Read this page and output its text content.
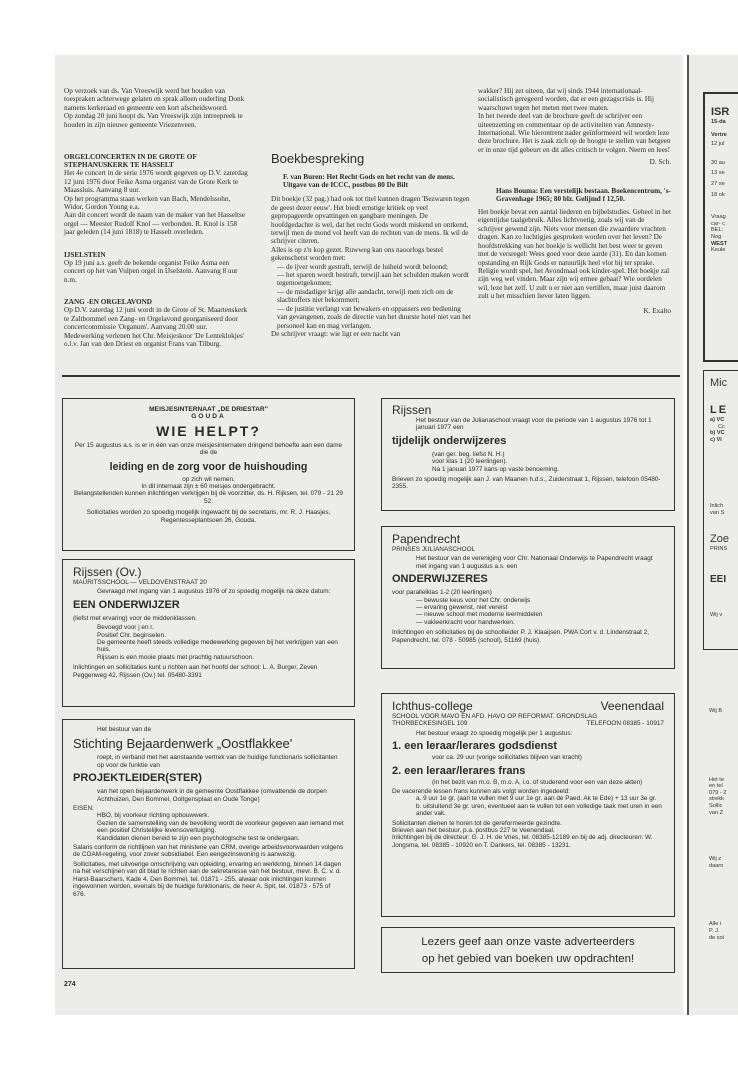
Op verzoek van ds. Van Vreeswijk werd het houden van toespraken achterwege gelaten en sprak alleen ouderling Donk namens kerkeraad en gemeente een kort afscheidswoord.

Op zondag 20 juni hoopt ds. Van Vreeswijk zijn intreepreek te houden in zijn nieuwe gemeente Vriezenveen.

ORGELCONCERTEN IN DE GROTE OF STEPHANUSKERK TE HASSELT

Het 4e concert in de serie 1976 wordt gegeven op D.V. zaterdag 12 juni 1976 door Feike Asma organist van de Grote Kerk te Maassluis. Aanvang 8 uur.

Op het programma staan werken van Bach, Mendelssohn, Widor, Gordon Young e.a.

Aan dit concert wordt de naam van de maker van het Hasseltse orgel — Meester Rudolf Knol — verbonden. R. Knol is 158 jaar geleden (14 juni 1818) te Hasselt overleden.

IJSELSTEIN

Op 19 juni a.s. geeft de bekende organist Feike Asma een concert op het van Vulpen orgel in IJselstein. Aanvang 8 uur n.m.

ZANG -EN ORGELAVOND

Op D.V. zaterdag 12 juni wordt in de Grote of St. Maartenskerk te Zaltbommel een Zang- en Orgelavond georganiseerd door concertcommissie 'Organum'. Aanvang 20.00 uur.

Medewerking verlenen het Chr. Meisjeskoor 'De Lenteklokjes' o.l.v. Jan van den Driest en organist Frans van Tilburg.

Boekbespreking

F. van Buren: Het Recht Gods en het recht van de mens. Uitgave van de ICCC, postbus 80 De Bilt

Dit boekje (32 pag.) had ook tot titel kunnen dragen 'Bezwaren tegen de geest dezer eeuw'. Het biedt ernstige kritiek op veel gepropageerde opvattingen en gangbare meningen. De hoofdgedachte is wel, dat het recht Gods wordt miskend en ontkend, terwijl men de mond vol heeft van de rechten van de mens. Ik wil de schrijver citeren.

Alles is op z'n kop gezet. Ruwweg kan ons naoorlogs bestel gekenschetst worden met:

— de ijver wordt gestraft, terwijl de luiheid wordt beloond;

— het sparen wordt bestraft, terwijl aan het schulden maken wordt tegemoetgekomen;

— de misdadiger krijgt alle aandacht, terwijl men zich om de slachtoffers niet bekommert;

— de justitie verlangt van bewakers en oppassers een bediening van gevangenen, zoals de directie van het duurste hotel niet van het personeel kan en mag verlangen.

De schrijver vraagt: wie ligt er een nacht van

wakker? Hij zet uiteen, dat wij sinds 1944 internationaal-socialistisch geregeerd worden, dat er een gezagscrisis is. Hij waarschuwt tegen het meten met twee maten.

In het tweede deel van de brochure geeft de schrijver een uiteenzetting en commentaar op de activiteiten van Amnesty-International. Wie hierontrent nader geïnformeerd wil worden leze deze brochure. Het is zaak zich op de hoogte te stellen van hetgeen er in onze tijd gebeurt en dit alles critisch te volgen. Neem en lees!

D. Sch.

Hans Bouma: Een verstelijk bestaan. Boekencentrum, 's-Gravenhage 1965; 80 blz. Gelijmd f 12,50.

Het boekje bevat een aantal liederen en bijbelstudies. Geheel in het eigentijdse taalgebruik. Alles lichtvoetig, zoals wij van de schrijver gewend zijn. Niets voor mensen die zwaardere vrachten dragen. Kan zo luchtigjes gesproken worden over het leven? De hoofdstrekking van het boekje is wellicht het best weer te geven met de versregel: Wees goed voor deze aarde (31). En dan komen opstanding en Rijk Gods er natuurlijk heel vlot bij ter sprake. Religie wordt spel, het Avondmaal ook kinder-spel. Het boekje zal zijn weg wel vinden. Maar zijn wij ermee gebaat? Wie oordelen wil, leze het zelf. U zult u er niet aan vertillen, maar juist daarom zult u het misschien liever laten liggen.

K. Exalto

MEISJESINTERNAAT „DE DRIESTAR"

GOUDA

WIE HELPT?

Per 15 augustus a.s. is er in één van onze meisjesinternaten dringend behoefte aan een dame die de

leiding en de zorg voor de huishouding

op zich wil nemen.

In dit internaat zijn ± 60 meisjes ondergebracht.

Belangstellenden kunnen inlichtingen verkrijgen bij de voorzitter, ds. H. Rijksen, tel. 079 - 21 29 52.

Sollicitaties worden zo spoedig mogelijk ingewacht bij de secretaris, mr. R. J. Haasjes, Regentesseplantsoen 26, Gouda.

Rijssen

Het bestuur van de Julianaschool vraagt voor de periode van 1 augustus 1976 tot 1 januari 1977 een

tijdelijk onderwijzeres

(van ger. beg. liefst N. H.)

voor klas 1 (20 leerlingen).

Na 1 januari 1977 kans op vaste benoeming.

Brieven zo spoedig mogelijk aan J. van Maanen h.d.s., Zuiderstraat 1, Rijssen, telefoon 05480-2355.

Rijssen (Ov.)

MAURITSSCHOOL — VELDOVENSTRAAT 20

Gevraagd met ingang van 1 augustus 1976 of zo spoedig mogelijk na deze datum:

EEN ONDERWIJZER

(liefst met ervaring) voor de middenklassen.

Bevoegd voor j en r.

Positief Chr. beginselen.

De gemeente heeft steeds volledige medewerking gegeven bij het verkrijgen van een huis.

Rijssen is een mooie plaats met prachtig natuurschoon.

Inlichtingen en sollicitaties kunt u richten aan het hoofd der school: L. A. Burger, Zeven Peggenweg 42, Rijssen (Ov.) tel. 05480-3391

Papendrecht

PRINSES JULIANASCHOOL

Het bestuur van de vereniging voor Chr. Nationaal Onderwijs te Papendrecht vraagt met ingang van 1 augustus a.s. een

ONDERWIJZERES

voor parallelklas 1-2 (20 leerlingen)

— bewuste keus voor het Chr. onderwijs

— ervaring gewenst, niet vereist

— nieuwe school met moderne leermiddelen

— vakleerkracht voor handwerken.

Inlichtingen en sollicitaties bij de schoolleider P. J. Klaaijsen, PWA Cort v. d. Lindenstraat 2, Papendrecht, tel. 078 - 50985 (school), 51169 (huis).

Het bestuur van de

Stichting Bejaardenwerk „Oostflakkee'

roept, in verband met het aanstaande vertrek van de huidige functionaris sollicitanten op voor de funktie van

PROJEKTLEIDER(STER)

van het open bejaardenwerk in de gemeente Oostflakkee (omvattende de dorpen Achthuizen, Den Bommel, Ooltgensplaat en Oude Tonge)

EISEN:

HBO, bij voorkeur richting opbouwwerk.

Gezien de samenstelling van de bevolking wordt de voorkeur gegeven aan iemand met een positief Christelijke levensovertuiging.

Kandidaten dienen bereid te zijn een psychologische test te ondergaan.

Salaris conform de richtlijnen van het ministerie van CRM, overige arbeidsvoorwaarden volgens de COAM-regeling, voor zover subsidiabel. Een eengezinswoning is aanwezig.

Sollicitaties, met uitvoerige omschrijving van opleiding, ervaring en werkkring, binnen 14 dagen na het verschijnen van dit blad te richten aan de sekretaresse van het bestuur, mevr. B. C. v. d. Harst-Baarschers, Kade 4, Den Bommel, tel. 01871 - 255, alwaar ook inlichtingen kunnen ingewonnen worden, evenals bij de huidige funktionaris, de heer A. Spit, tel. 01873 - 575 of 676.

Ichthus-college	Veenendaal

SCHOOL VOOR MAVO EN AFD. HAVO OP REFORMAT. GRONDSLAG

THORBECKESINGEL 109	TELEFOON 08385 - 10917

Het bestuur vraagt zo spoedig mogelijk per 1 augustus:

1. een leraar/lerares godsdienst

voor ca. 29 uur (vorige sollicitaties blijven van kracht)

2. een leraar/lerares frans

(in het bezit van m.o. B, m.o. A, i.o. of studerend voor een van deze akten)

De vacerende lessen frans kunnen als volgt worden ingedeeld:

a. 9 uur 1e gr. (aan te vullen met 9 uur 1e gr. aan de Paed. Ak te Ede) + 13 uur 3e gr.

b. uitsluitend 3e gr. uren, eventueel aan te vullen tot een volledige taak met uren in een ander vak.

Sollicitanten dienen te horen tot de gereformeerde gezindte.

Brieven aan het bestuur, p.a. postbus 227 te Veenendaal.

Inlichtingen bij de directeur: G. J. H. de Vries, tel. 08385-12189 en bij de adj. directeuren: W. Jongsma, tel. 08385 - 10920 en T. Dankers, tel. 08385 - 13231.

Lezers geef aan onze vaste adverteerders
op het gebied van boeken uw opdrachten!
274
ISR
15-da
Vertre
12 jul
30 au
13 se
27 se
18 ok
Vraag
car- c
BEL:
Nog
WEST
Keule
Mic
LE
a) VC
Cc
b) VC
c) Vi
Inlich
van S
Zoe
PRINS
EEI
Wij v
Wij B
Het te
en tel
079 - 2
strekk
Sollic
van Z
Wij z
daarn
Alle i
P. J.
de soi
